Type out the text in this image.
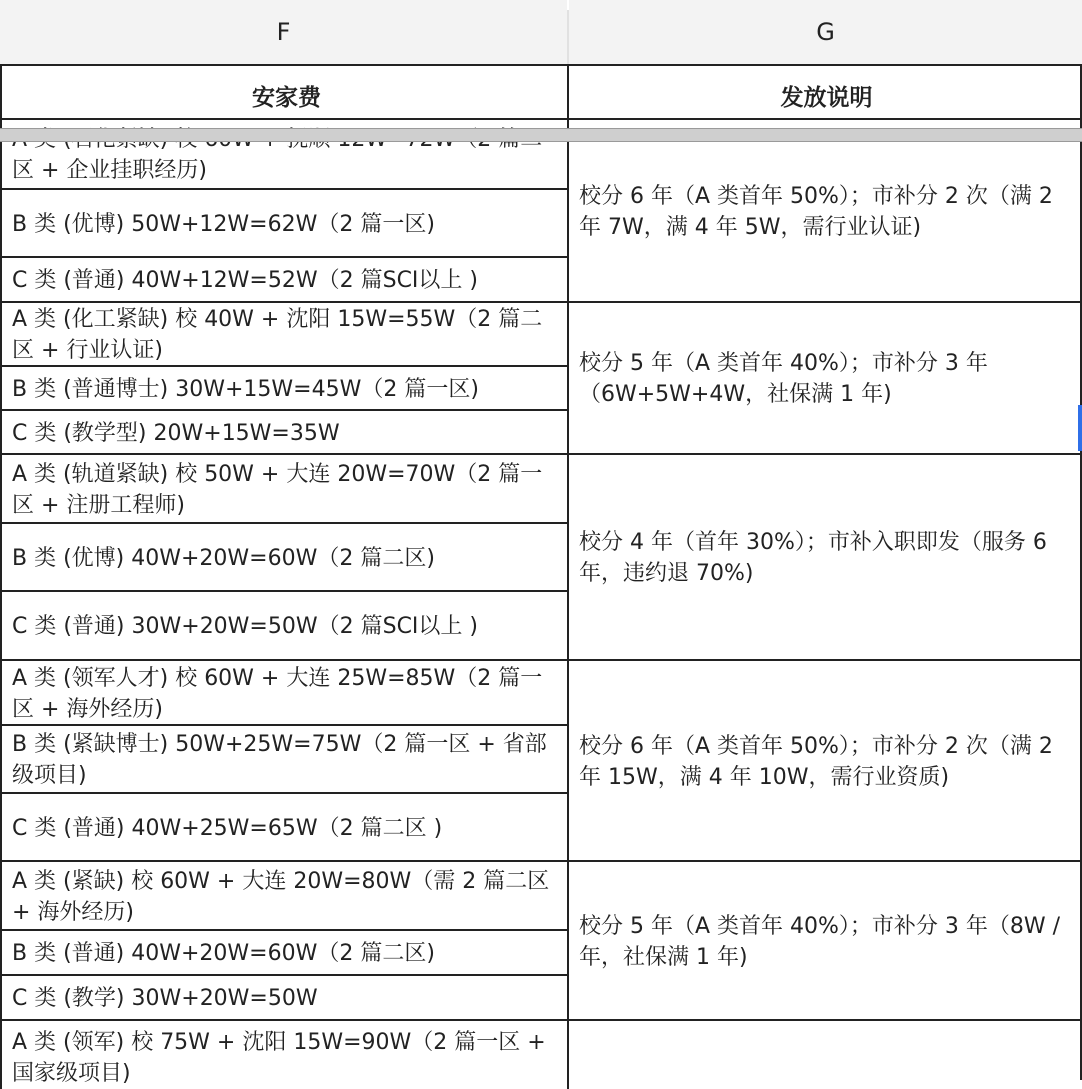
F	G
安家费	发放说明
区 + 企业挂职经历)
B 类 (优博) 50W+12W=62W（2 篇一区)
C 类 (普通) 40W+12W=52W（2 篇SCI以上 )
校分 6 年（A 类首年 50%）；市补分 2 次（满 2 年 7W，满 4 年 5W，需行业认证)
A 类 (化工紧缺) 校 40W + 沈阳 15W=55W（2 篇二区 + 行业认证)
B 类 (普通博士) 30W+15W=45W（2 篇一区)
C 类 (教学型) 20W+15W=35W
校分 5 年（A 类首年 40%）；市补分 3 年（6W+5W+4W，社保满 1 年)
A 类 (轨道紧缺) 校 50W + 大连 20W=70W（2 篇一区 + 注册工程师)
B 类 (优博) 40W+20W=60W（2 篇二区)
C 类 (普通) 30W+20W=50W（2 篇SCI以上 )
校分 4 年（首年 30%）；市补入职即发（服务 6 年，违约退 70%)
A 类 (领军人才) 校 60W + 大连 25W=85W（2 篇一区 + 海外经历)
B 类 (紧缺博士) 50W+25W=75W（2 篇一区 + 省部级项目)
C 类 (普通) 40W+25W=65W（2 篇二区 )
校分 6 年（A 类首年 50%）；市补分 2 次（满 2 年 15W，满 4 年 10W，需行业资质)
A 类 (紧缺) 校 60W + 大连 20W=80W（需 2 篇二区 + 海外经历)
B 类 (普通) 40W+20W=60W（2 篇二区)
C 类 (教学) 30W+20W=50W
校分 5 年（A 类首年 40%）；市补分 3 年（8W / 年，社保满 1 年)
A 类 (领军) 校 75W + 沈阳 15W=90W（2 篇一区 + 国家级项目)
